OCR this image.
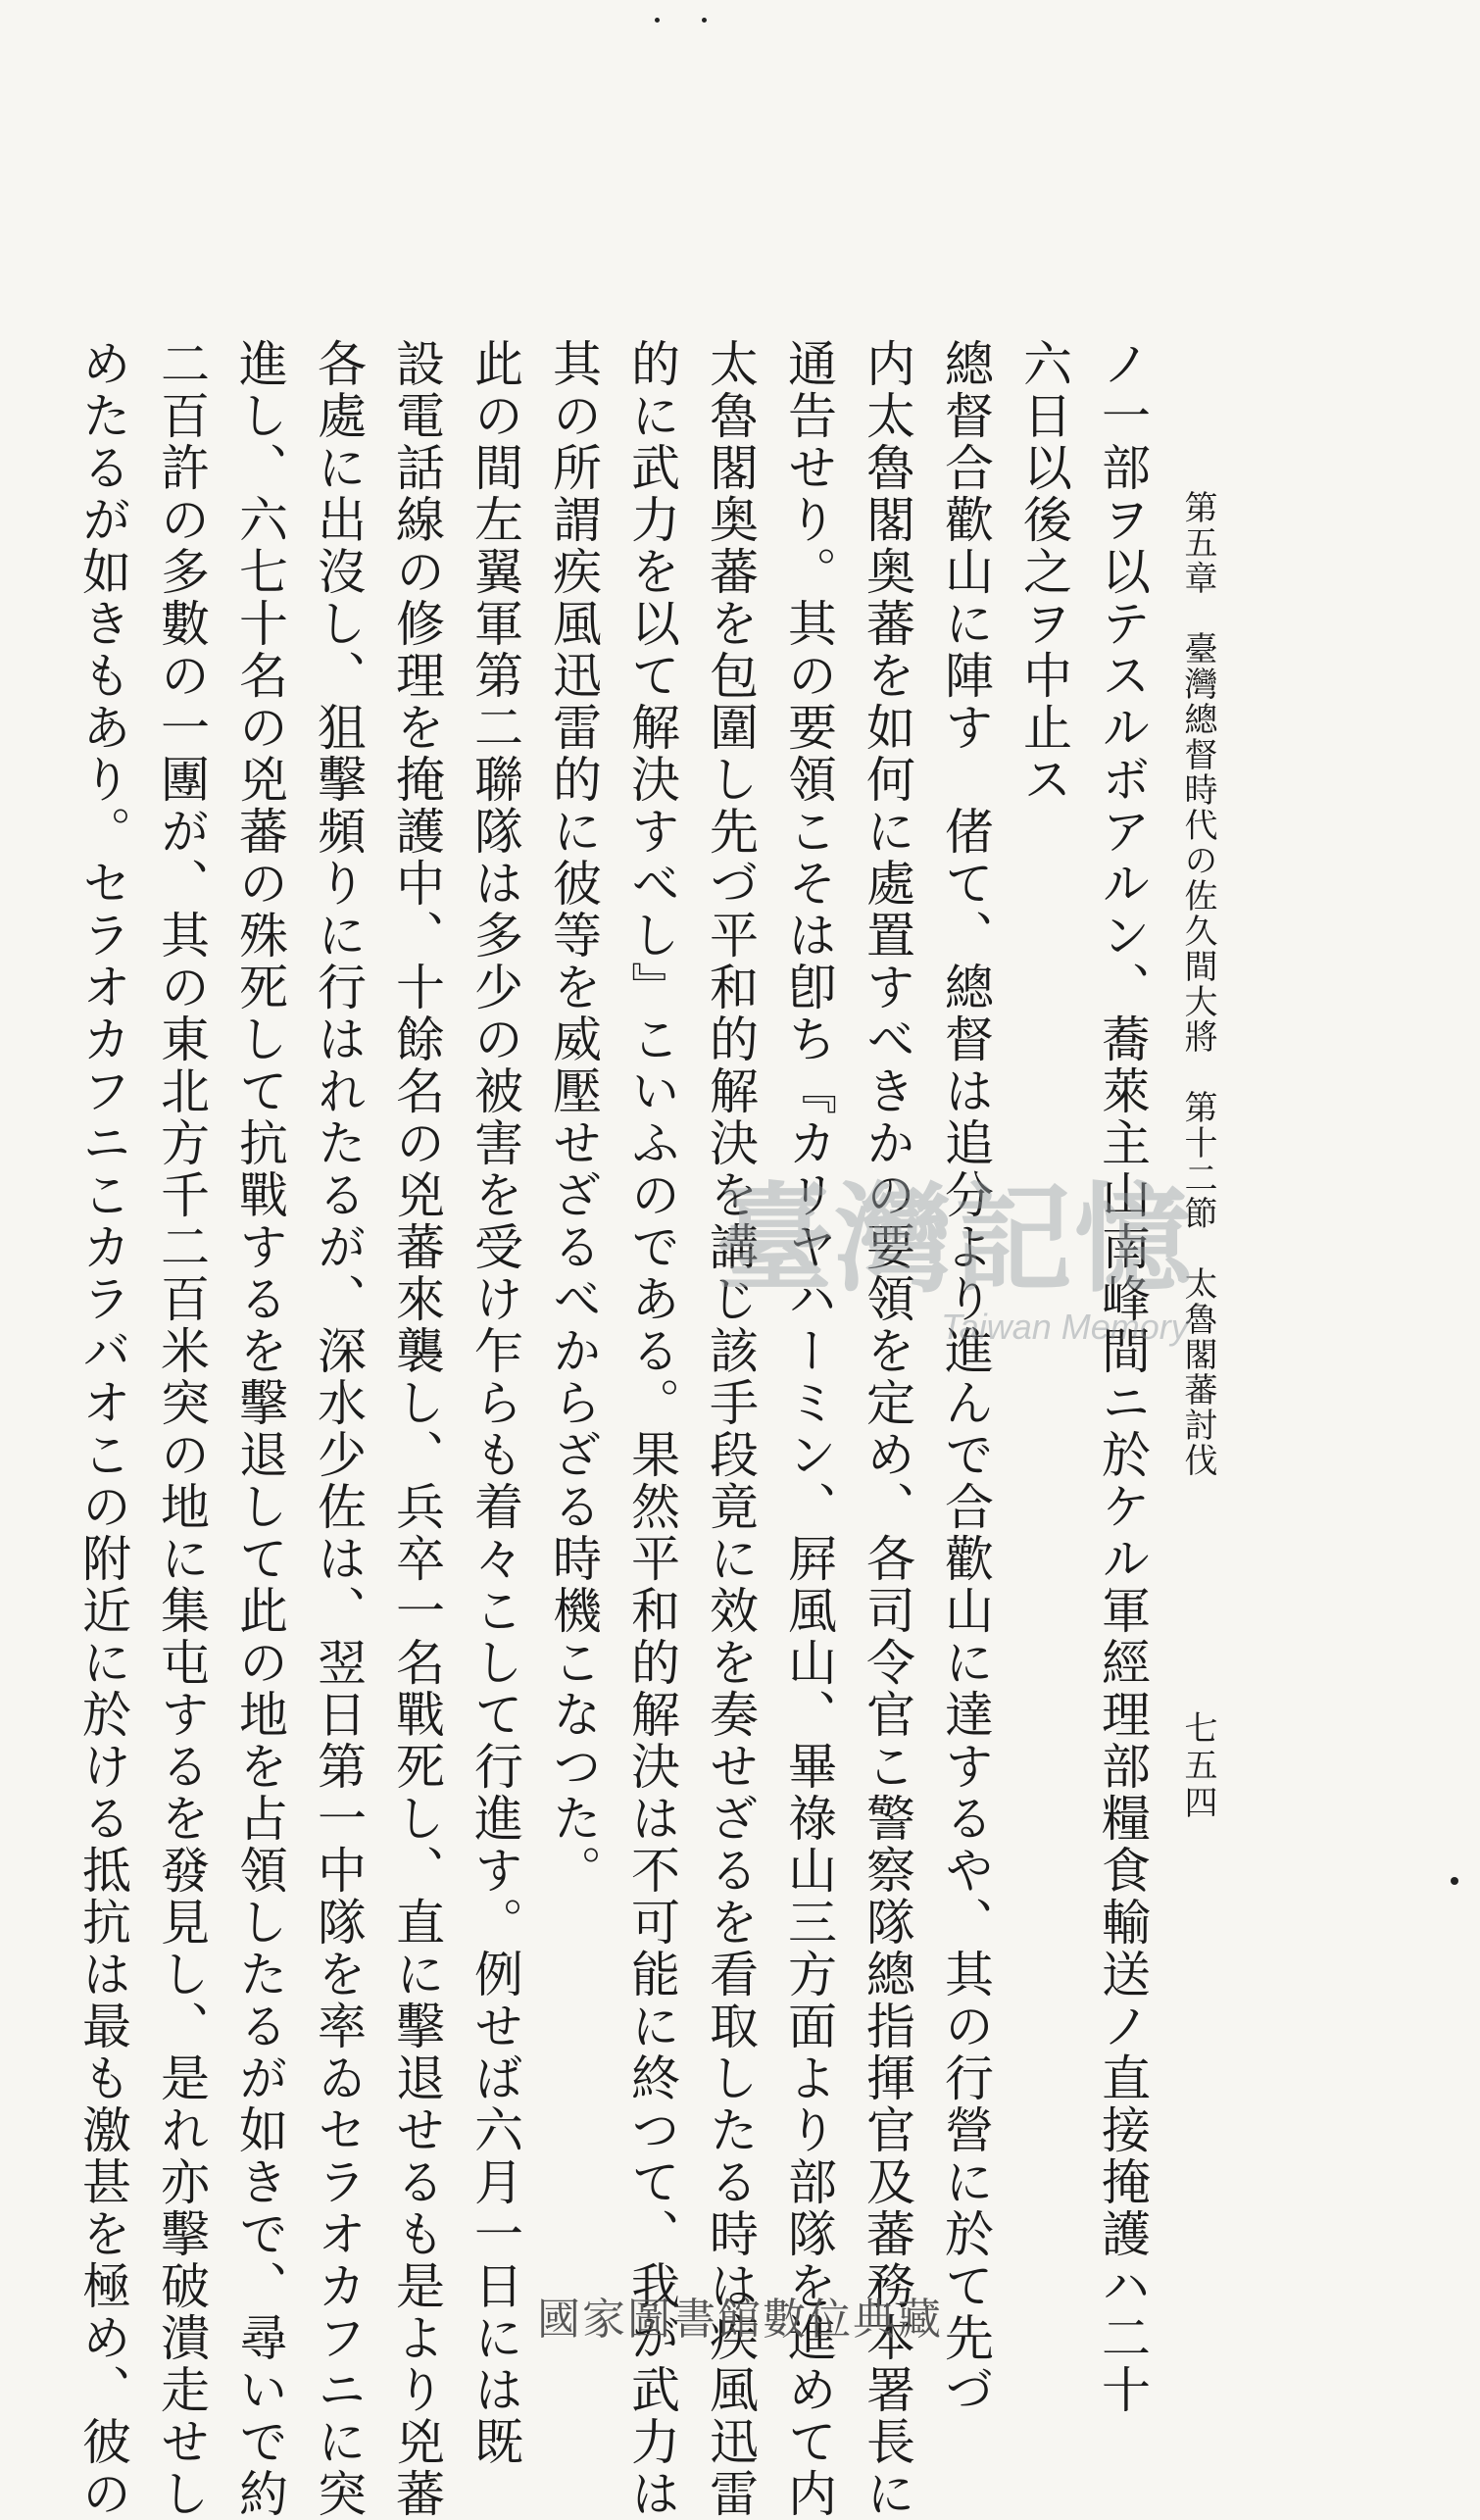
第五章　臺灣總督時代の佐久間大將　第十二節　太魯閣蕃討伐
七五四
ノ一部ヲ以テスルボアルン、蕎萊主山南峰間ニ於ケル軍經理部糧食輸送ノ直接掩護ハ二十
六日以後之ヲ中止ス
總督合歡山に陣す　偖て、總督は追分より進んで合歡山に達するや、其の行營に於て先づ
内太魯閣奥蕃を如何に處置すべきかの要領を定め、各司令官こ警察隊總指揮官及蕃務本署長に
通告せり。其の要領こそは卽ち『カリヤハーミン、屛風山、畢祿山三方面より部隊を進めて内
太魯閣奥蕃を包圍し先づ平和的解決を講じ該手段竟に效を奏せざるを看取したる時は疾風迅雷
的に武力を以て解決すべし』こいふのである。果然平和的解決は不可能に終つて、我が武力は
其の所謂疾風迅雷的に彼等を威壓せざるべからざる時機こなつた。
此の間左翼軍第二聯隊は多少の被害を受け乍らも着々こして行進す。例せば六月一日には既
設電話線の修理を掩護中、十餘名の兇蕃來襲し、兵卒一名戰死し、直に擊退せるも是より兇蕃
各處に出沒し、狙擊頻りに行はれたるが、深水少佐は、翌日第一中隊を率ゐセラオカフニに突
進し、六七十名の兇蕃の殊死して抗戰するを擊退して此の地を占領したるが如きで、尋いで約
二百許の多數の一團が、其の東北方千二百米突の地に集屯するを發見し、是れ亦擊破潰走せし
めたるが如きもあり。セラオカフニこカラバオこの附近に於ける抵抗は最も激甚を極め、彼の	臺灣記憶
Taiwan Memory
國家圖書館數位典藏
